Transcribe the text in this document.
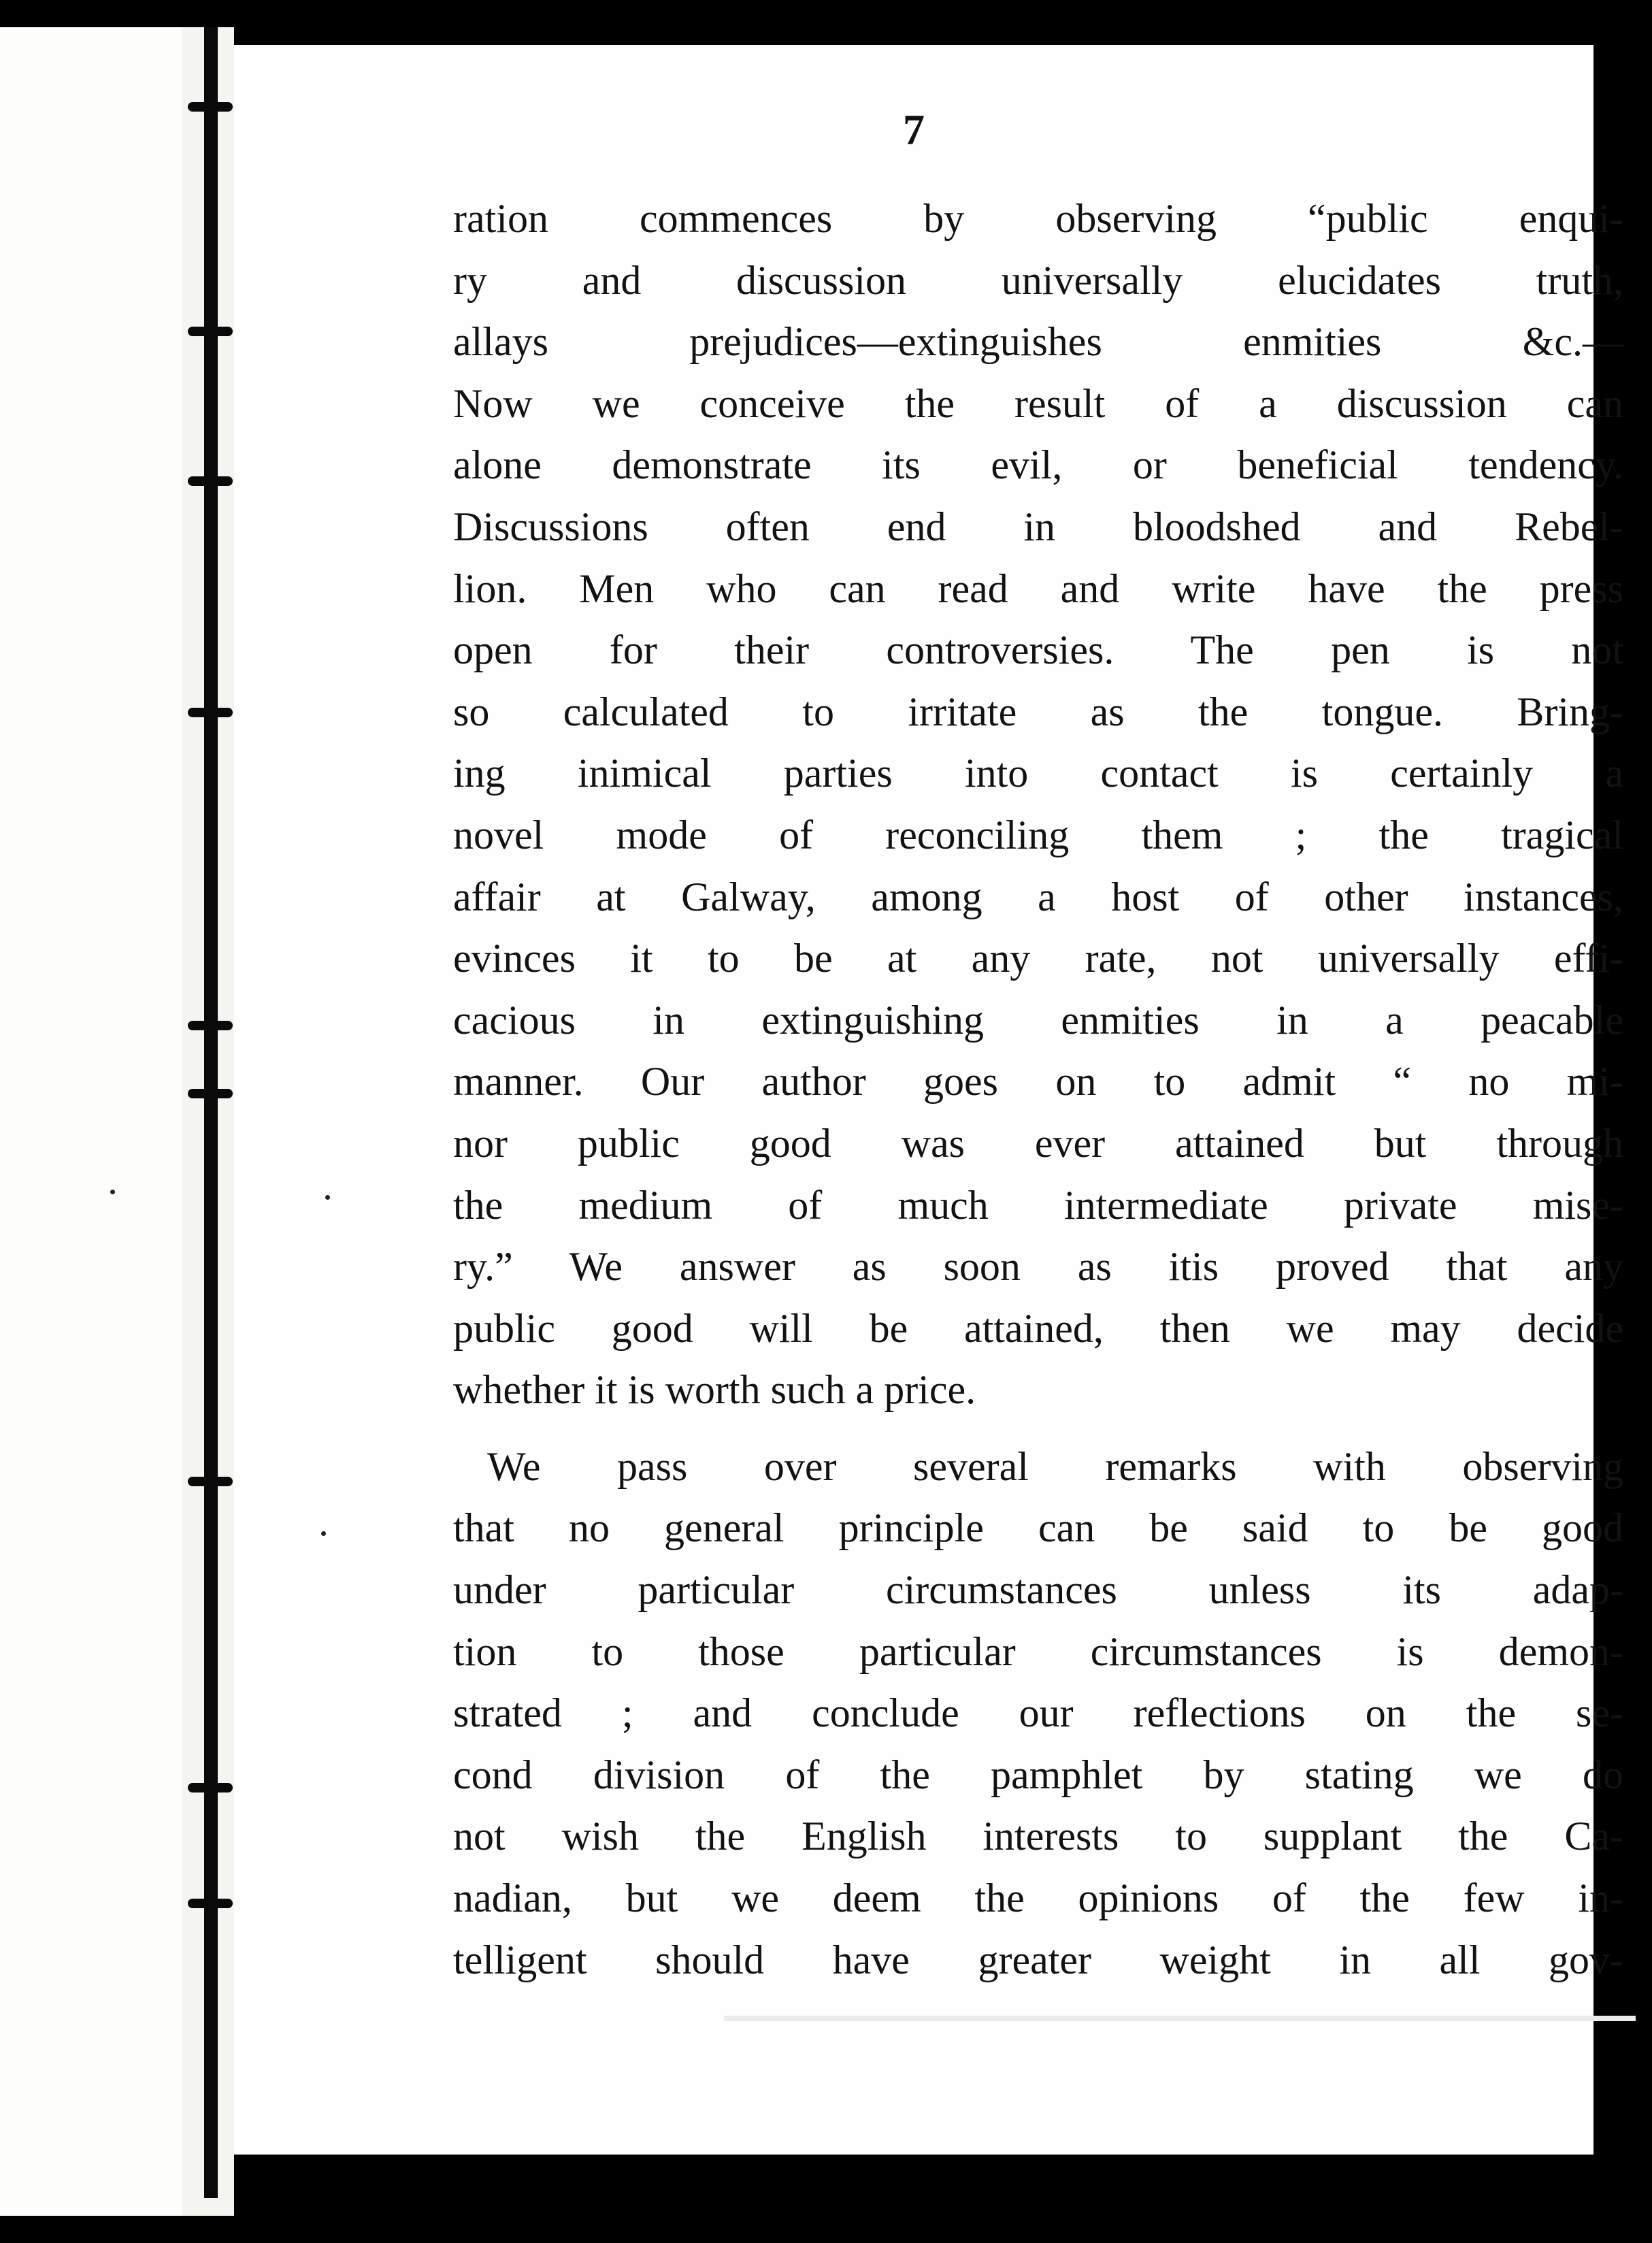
7
ration commences by observing “public enqui-
ry and discussion universally elucidates truth,
allays prejudices—extinguishes enmities &c.—
Now we conceive the result of a discussion can
alone demonstrate its evil, or beneficial tendency.
Discussions often end in bloodshed and Rebel-
lion. Men who can read and write have the press
open for their controversies. The pen is not
so calculated to irritate as the tongue. Bring-
ing inimical parties into contact is certainly a
novel mode of reconciling them ; the tragical
affair at Galway, among a host of other instances,
evinces it to be at any rate, not universally effi-
cacious in extinguishing enmities in a peacable
manner. Our author goes on to admit “ no mi-
nor public good was ever attained but through
the medium of much intermediate private mise-
ry.” We answer as soon as itis proved that any
public good will be attained, then we may decide
whether it is worth such a price.
We pass over several remarks with observing
that no general principle can be said to be good
under particular circumstances unless its adap-
tion to those particular circumstances is demon-
strated ; and conclude our reflections on the se-
cond division of the pamphlet by stating we do
not wish the English interests to supplant the Ca-
nadian, but we deem the opinions of the few in-
telligent should have greater weight in all gov-
